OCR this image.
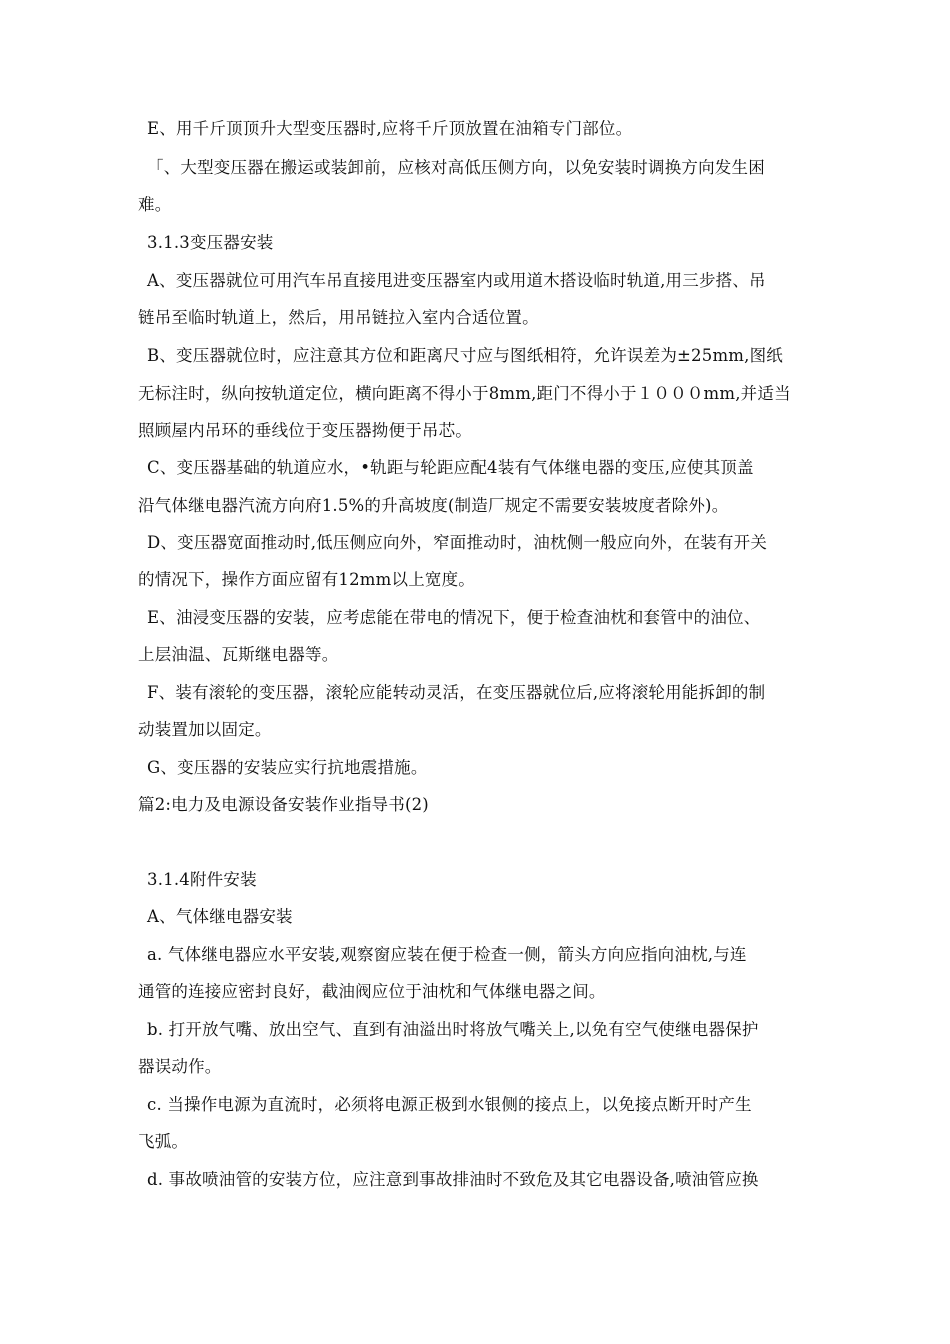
E、用千斤顶顶升大型变压器时,应将千斤顶放置在油箱专门部位。

「、大型变压器在搬运或装卸前，应核对高低压侧方向，以免安装时调换方向发生困

难。

3.1.3变压器安装

A、变压器就位可用汽车吊直接甩进变压器室内或用道木搭设临时轨道,用三步搭、吊

链吊至临时轨道上，然后，用吊链拉入室内合适位置。

B、变压器就位时，应注意其方位和距离尺寸应与图纸相符，允许误差为±25mm,图纸

无标注时，纵向按轨道定位，横向距离不得小于8mm,距门不得小于１０００mm,并适当

照顾屋内吊环的垂线位于变压器拗便于吊芯。

C、变压器基础的轨道应水，•轨距与轮距应配4装有气体继电器的变压,应使其顶盖

沿气体继电器汽流方向府1.5%的升高坡度(制造厂规定不需要安装坡度者除外)。

D、变压器宽面推动时,低压侧应向外，窄面推动时，油枕侧一般应向外，在装有开关

的情况下，操作方面应留有12mm以上宽度。

E、油浸变压器的安装，应考虑能在带电的情况下，便于检查油枕和套管中的油位、

上层油温、瓦斯继电器等。

F、装有滚轮的变压器，滚轮应能转动灵活，在变压器就位后,应将滚轮用能拆卸的制

动装置加以固定。

G、变压器的安装应实行抗地震措施。

篇2:电力及电源设备安装作业指导书(2)

3.1.4附件安装

A、气体继电器安装

a. 气体继电器应水平安装,观察窗应装在便于检查一侧，箭头方向应指向油枕,与连

通管的连接应密封良好，截油阀应位于油枕和气体继电器之间。

b. 打开放气嘴、放出空气、直到有油溢出时将放气嘴关上,以免有空气使继电器保护

器误动作。

c. 当操作电源为直流时，必须将电源正极到水银侧的接点上，以免接点断开时产生

飞弧。

d. 事故喷油管的安装方位，应注意到事故排油时不致危及其它电器设备,喷油管应换
